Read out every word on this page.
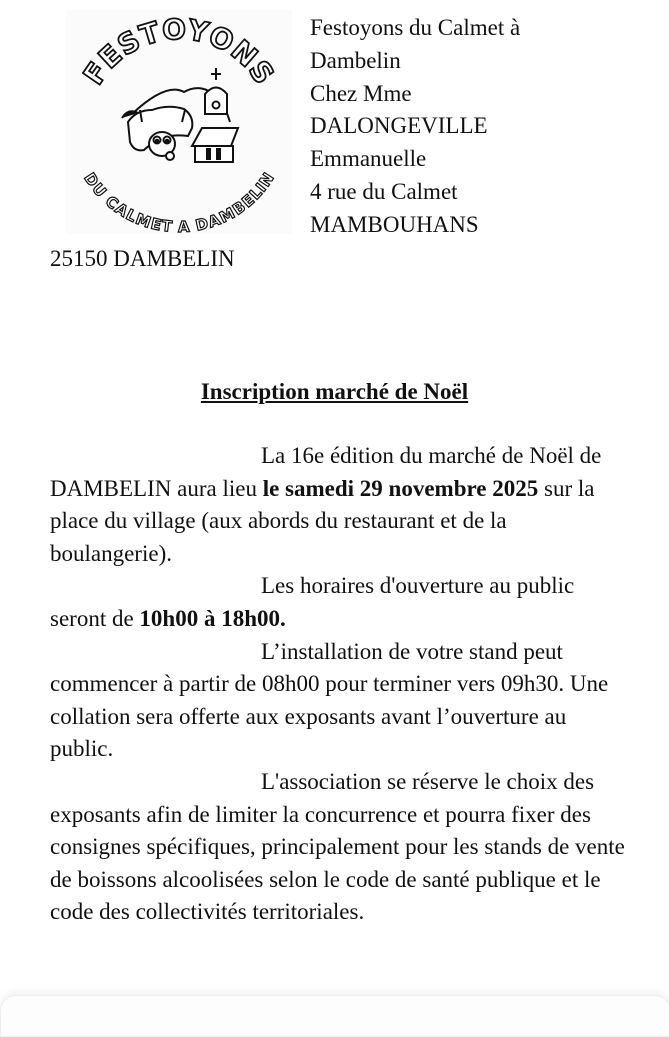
FESTOYONS
DU CALMET A DAMBELIN
Festoyons du Calmet à
Dambelin
Chez Mme
DALONGEVILLE
Emmanuelle
4 rue du Calmet
MAMBOUHANS
25150 DAMBELIN
Inscription marché de Noël
La 16e édition du marché de Noël de DAMBELIN aura lieu le samedi 29 novembre 2025 sur la place du village (aux abords du restaurant et de la boulangerie).
Les horaires d'ouverture au public seront de 10h00 à 18h00.
L’installation de votre stand peut commencer à partir de 08h00 pour terminer vers 09h30. Une collation sera offerte aux exposants avant l’ouverture au public.
L'association se réserve le choix des exposants afin de limiter la concurrence et pourra fixer des consignes spécifiques, principalement pour les stands de vente de boissons alcoolisées selon le code de santé publique et le code des collectivités territoriales.
